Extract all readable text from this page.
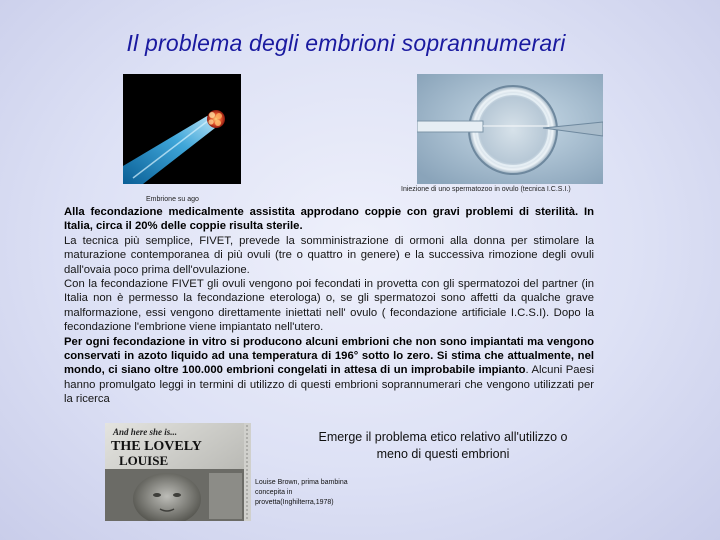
Il problema degli embrioni soprannumerari
Embrione su ago
Iniezione di uno spermatozoo in ovulo (tecnica I.C.S.I.)

Alla fecondazione medicalmente assistita approdano coppie con gravi problemi di sterilità. In Italia, circa il 20% delle coppie risulta sterile.

La tecnica più semplice, FIVET, prevede la somministrazione di ormoni alla donna per stimolare la maturazione contemporanea di più ovuli (tre o quattro in genere) e la successiva rimozione degli ovuli dall'ovaia poco prima dell'ovulazione.

Con la fecondazione FIVET gli ovuli vengono poi fecondati in provetta con gli spermatozoi del partner (in Italia non è permesso la fecondazione eterologa) o, se gli spermatozoi sono affetti da qualche grave malformazione, essi vengono direttamente iniettati nell' ovulo ( fecondazione artificiale I.C.S.I). Dopo la fecondazione l'embrione viene impiantato nell'utero.

Per ogni fecondazione in vitro si producono alcuni embrioni che non sono impiantati ma vengono conservati in azoto liquido ad una temperatura di 196° sotto lo zero. Si stima che attualmente, nel mondo, ci siano oltre 100.000 embrioni congelati in attesa di un improbabile impianto. Alcuni Paesi hanno promulgato leggi in termini di utilizzo di questi embrioni soprannumerari che vengono utilizzati per la ricerca

And here she is...
THE LOVELY
LOUISE
Emerge il problema etico relativo all'utilizzo o meno di questi embrioni
Louise Brown, prima bambina concepita in provetta(Inghilterra,1978)
